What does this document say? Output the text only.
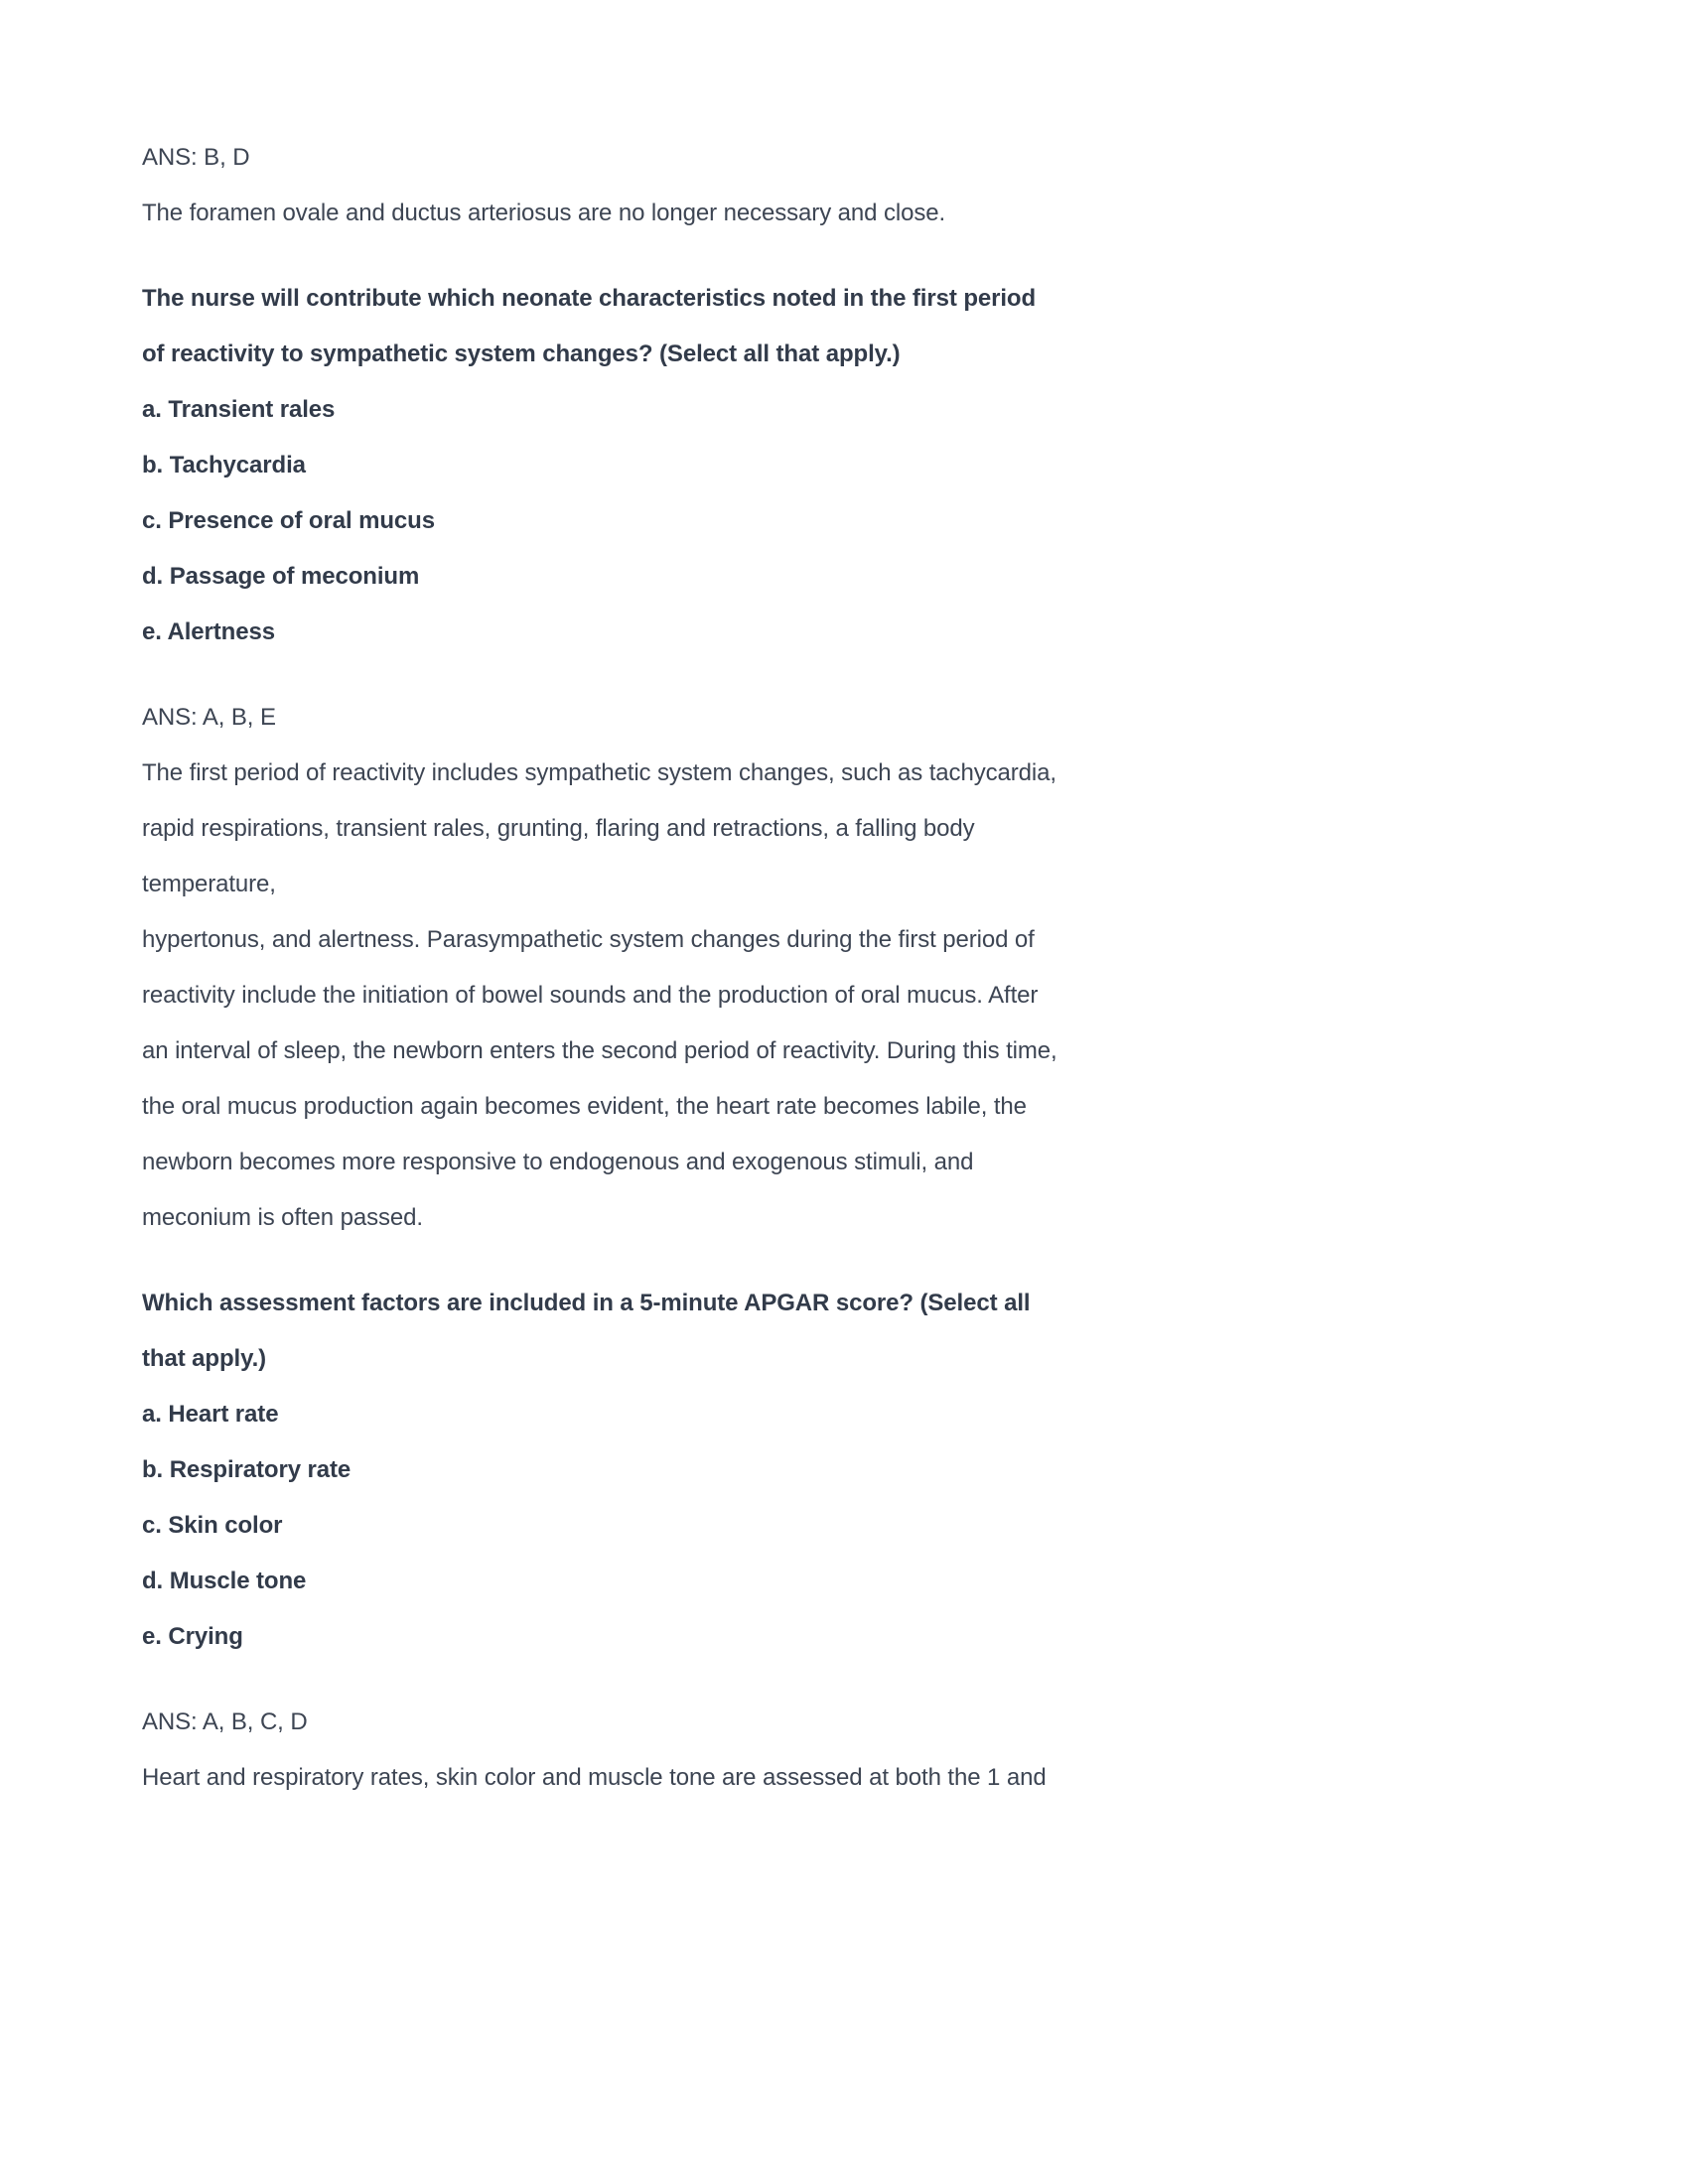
ANS: B, D
The foramen ovale and ductus arteriosus are no longer necessary and close.
The nurse will contribute which neonate characteristics noted in the first period
of reactivity to sympathetic system changes? (Select all that apply.)
a. Transient rales
b. Tachycardia
c. Presence of oral mucus
d. Passage of meconium
e. Alertness
ANS: A, B, E
The first period of reactivity includes sympathetic system changes, such as tachycardia,
rapid respirations, transient rales, grunting, flaring and retractions, a falling body
temperature,
hypertonus, and alertness. Parasympathetic system changes during the first period of
reactivity include the initiation of bowel sounds and the production of oral mucus. After
an interval of sleep, the newborn enters the second period of reactivity. During this time,
the oral mucus production again becomes evident, the heart rate becomes labile, the
newborn becomes more responsive to endogenous and exogenous stimuli, and
meconium is often passed.
Which assessment factors are included in a 5-minute APGAR score? (Select all
that apply.)
a. Heart rate
b. Respiratory rate
c. Skin color
d. Muscle tone
e. Crying
ANS: A, B, C, D
Heart and respiratory rates, skin color and muscle tone are assessed at both the 1 and
